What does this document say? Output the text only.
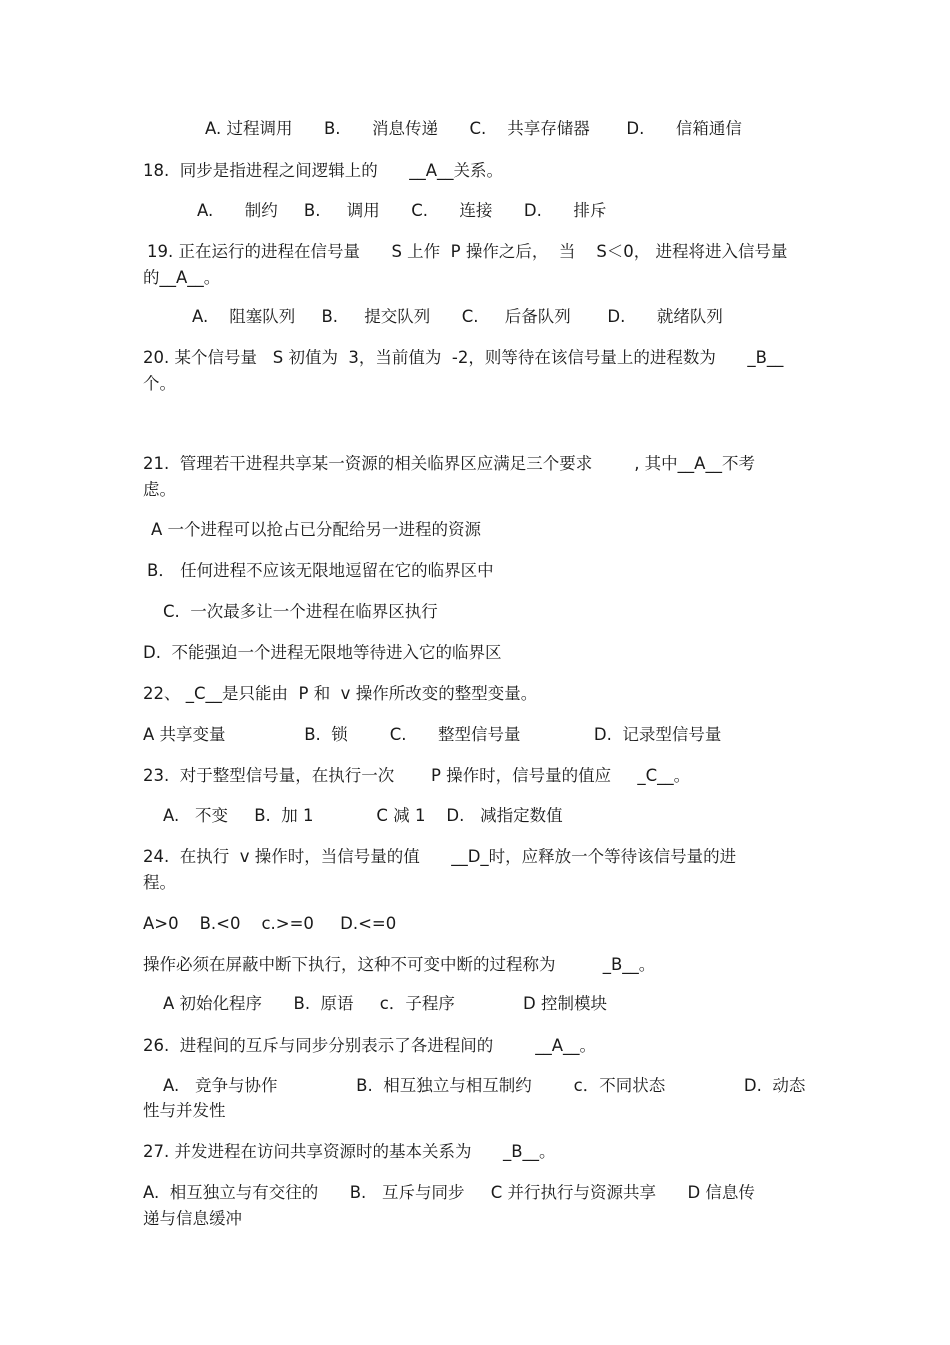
A. 过程调用      B.      消息传递      C.    共享存储器       D.      信箱通信
18.  同步是指进程之间逻辑上的      __A__关系。
A.      制约     B.     调用      C.      连接      D.      排斥
19. 正在运行的进程在信号量      S 上作  P 操作之后，  当    S＜0， 进程将进入信号量
的__A__。
A.    阻塞队列     B.     提交队列      C.     后备队列       D.      就绪队列
20. 某个信号量   S 初值为  3，当前值为  -2，则等待在该信号量上的进程数为      _B__
个。
21.  管理若干进程共享某一资源的相关临界区应满足三个要求        , 其中__A__不考
虑。
A 一个进程可以抢占已分配给另一进程的资源
B． 任何进程不应该无限地逗留在它的临界区中
C.  一次最多让一个进程在临界区执行
D.  不能强迫一个进程无限地等待进入它的临界区
22、 _C__是只能由  P 和  v 操作所改变的整型变量。
A 共享变量               B.  锁        C.      整型信号量              D.  记录型信号量
23.  对于整型信号量，在执行一次       P 操作时，信号量的值应     _C__。
A.   不变     B.  加 1            C 减 1    D.   减指定数值
24.  在执行  v 操作时，当信号量的值      __D_时，应释放一个等待该信号量的进
程。
A>0    B.<0    c.>=0     D.<=0
操作必须在屏蔽中断下执行，这种不可变中断的过程称为         _B__。
A 初始化程序      B.  原语     c．子程序             D 控制模块
26.  进程间的互斥与同步分别表示了各进程间的        __A__。
A.   竞争与协作               B.  相互独立与相互制约        c．不同状态               D.  动态
性与并发性
27. 并发进程在访问共享资源时的基本关系为      _B__。
A.  相互独立与有交往的      B.   互斥与同步     C 并行执行与资源共享      D 信息传
递与信息缓冲
